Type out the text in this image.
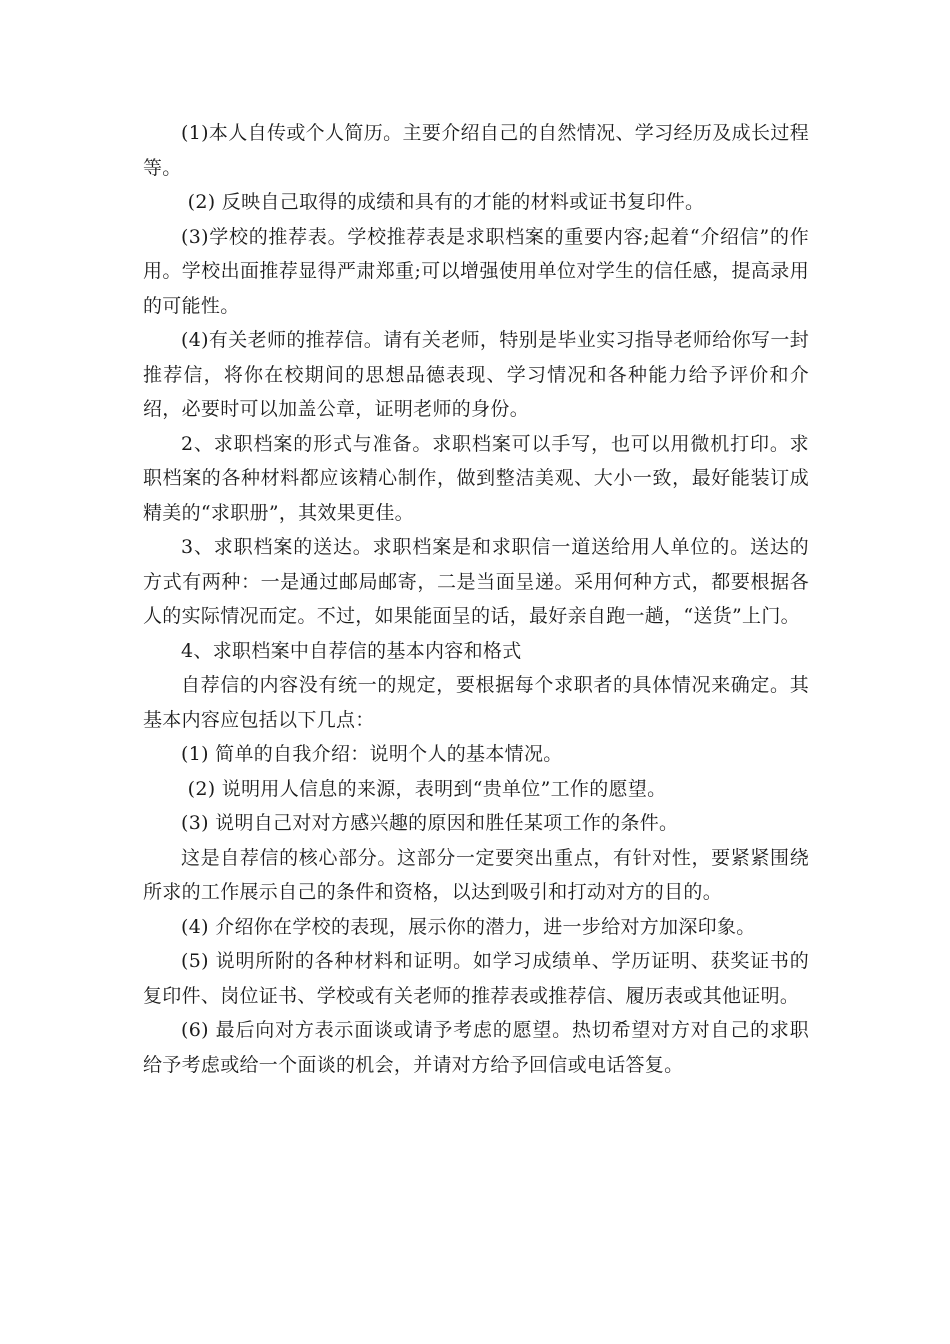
(1)本人自传或个人简历。主要介绍自己的自然情况、学习经历及成长过程等。

(2) 反映自己取得的成绩和具有的才能的材料或证书复印件。

(3)学校的推荐表。学校推荐表是求职档案的重要内容;起着“介绍信”的作用。学校出面推荐显得严肃郑重;可以增强使用单位对学生的信任感，提高录用的可能性。

(4)有关老师的推荐信。请有关老师，特别是毕业实习指导老师给你写一封推荐信，将你在校期间的思想品德表现、学习情况和各种能力给予评价和介绍，必要时可以加盖公章，证明老师的身份。

2、求职档案的形式与准备。求职档案可以手写，也可以用微机打印。求职档案的各种材料都应该精心制作，做到整洁美观、大小一致，最好能装订成精美的“求职册”，其效果更佳。

3、求职档案的送达。求职档案是和求职信一道送给用人单位的。送达的方式有两种：一是通过邮局邮寄，二是当面呈递。采用何种方式，都要根据各人的实际情况而定。不过，如果能面呈的话，最好亲自跑一趟，“送货”上门。

4、求职档案中自荐信的基本内容和格式

自荐信的内容没有统一的规定，要根据每个求职者的具体情况来确定。其基本内容应包括以下几点：

(1) 简单的自我介绍：说明个人的基本情况。

(2) 说明用人信息的来源，表明到“贵单位”工作的愿望。

(3) 说明自己对对方感兴趣的原因和胜任某项工作的条件。

这是自荐信的核心部分。这部分一定要突出重点，有针对性，要紧紧围绕所求的工作展示自己的条件和资格，以达到吸引和打动对方的目的。

(4) 介绍你在学校的表现，展示你的潜力，进一步给对方加深印象。

(5) 说明所附的各种材料和证明。如学习成绩单、学历证明、获奖证书的复印件、岗位证书、学校或有关老师的推荐表或推荐信、履历表或其他证明。

(6) 最后向对方表示面谈或请予考虑的愿望。热切希望对方对自己的求职给予考虑或给一个面谈的机会，并请对方给予回信或电话答复。
